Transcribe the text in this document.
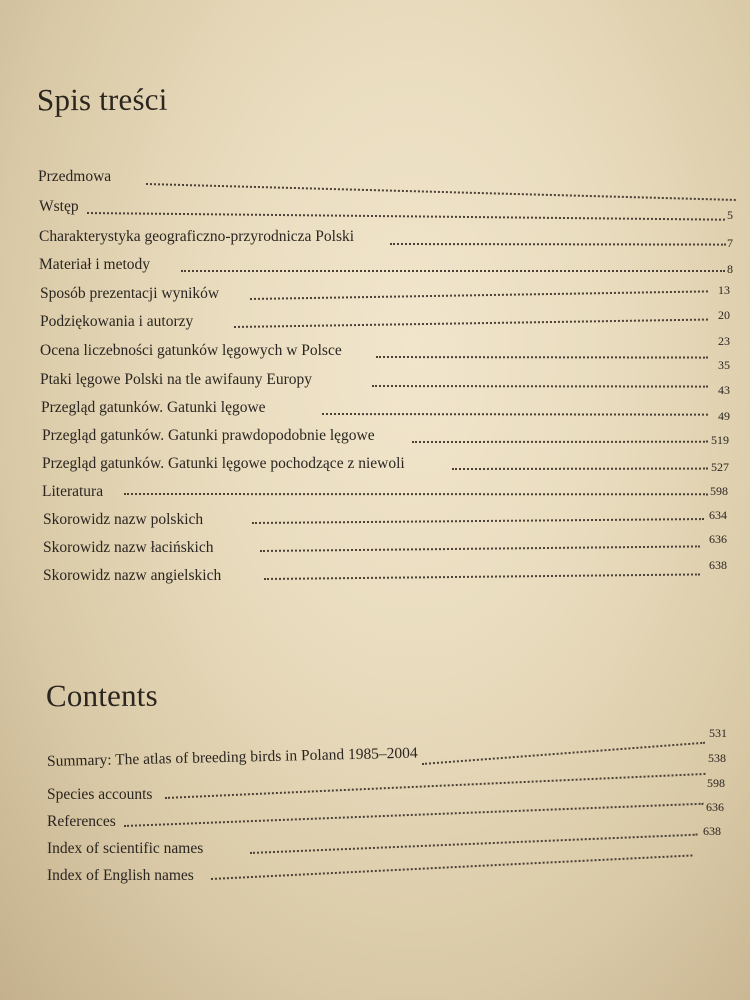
Spis treści
Przedmowa
Wstęp
Charakterystyka geograficzno-przyrodnicza Polski
Materiał i metody
Sposób prezentacji wyników
Podziękowania i autorzy
Ocena liczebności gatunków lęgowych w Polsce
Ptaki lęgowe Polski na tle awifauny Europy
Przegląd gatunków. Gatunki lęgowe
Przegląd gatunków. Gatunki prawdopodobnie lęgowe
Przegląd gatunków. Gatunki lęgowe pochodzące z niewoli
Literatura
Skorowidz nazw polskich
Skorowidz nazw łacińskich
Skorowidz nazw angielskich
5
7
8
13
20
23
35
43
49
519
527
598
634
636
638
Contents
Summary: The atlas of breeding birds in Poland 1985–2004
Species accounts
References
Index of scientific names
Index of English names
531
538
598
636
638
